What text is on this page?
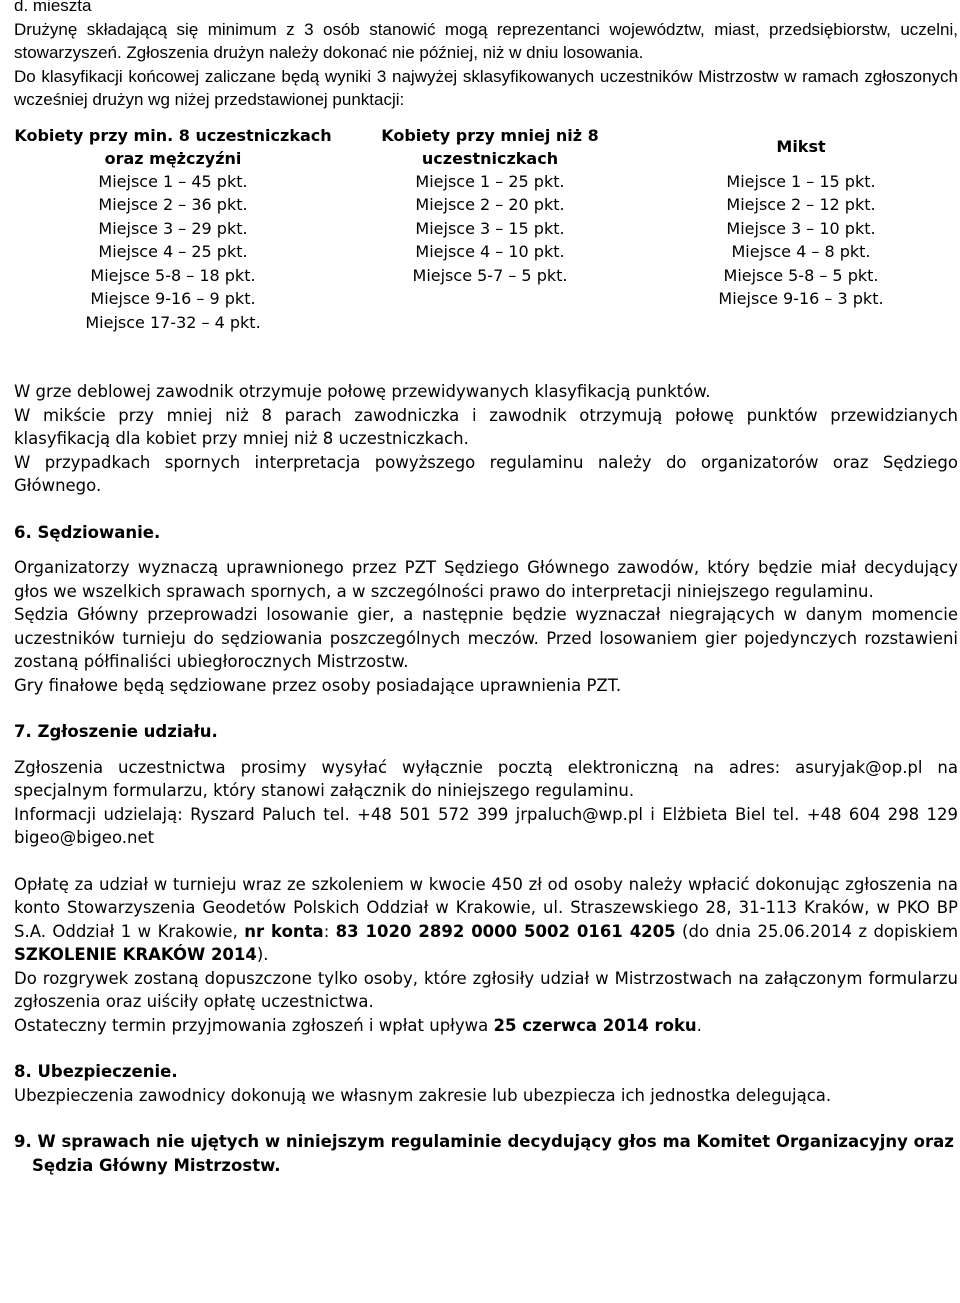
d. mieszta

Drużynę składającą się minimum z 3 osób stanowić mogą reprezentanci województw, miast, przedsiębiorstw, uczelni, stowarzyszeń. Zgłoszenia drużyn należy dokonać nie później, niż w dniu losowania.

Do klasyfikacji końcowej zaliczane będą wyniki 3 najwyżej sklasyfikowanych uczestników Mistrzostw w ramach zgłoszonych wcześniej drużyn wg niżej przedstawionej punktacji:

Kobiety przy min. 8 uczestniczkach oraz mężczyźni	Kobiety przy mniej niż 8 uczestniczkach	Mikst
Miejsce 1 – 45 pkt.	Miejsce 1 – 25 pkt.	Miejsce 1 – 15 pkt.
Miejsce 2 – 36 pkt.	Miejsce 2 – 20 pkt.	Miejsce 2 – 12 pkt.
Miejsce 3 – 29 pkt.	Miejsce 3 – 15 pkt.	Miejsce 3 – 10 pkt.
Miejsce 4 – 25 pkt.	Miejsce 4 – 10 pkt.	Miejsce 4 – 8 pkt.
Miejsce 5-8 – 18 pkt.	Miejsce 5-7 – 5 pkt.	Miejsce 5-8 – 5 pkt.
Miejsce 9-16 – 9 pkt.		Miejsce 9-16 – 3 pkt.
Miejsce 17-32 – 4 pkt.		

W grze deblowej zawodnik otrzymuje połowę przewidywanych klasyfikacją punktów.

W mikście przy mniej niż 8 parach zawodniczka i zawodnik otrzymują połowę punktów przewidzianych klasyfikacją dla kobiet przy mniej niż 8 uczestniczkach.

W przypadkach spornych interpretacja powyższego regulaminu należy do organizatorów oraz Sędziego Głównego.

6. Sędziowanie.

Organizatorzy wyznaczą uprawnionego przez PZT Sędziego Głównego zawodów, który będzie miał decydujący głos we wszelkich sprawach spornych, a w szczególności prawo do interpretacji niniejszego regulaminu.

Sędzia Główny przeprowadzi losowanie gier, a następnie będzie wyznaczał niegrających w danym momencie uczestników turnieju do sędziowania poszczególnych meczów. Przed losowaniem gier pojedynczych rozstawieni zostaną półfinaliści ubiegłorocznych Mistrzostw.

Gry finałowe będą sędziowane przez osoby posiadające uprawnienia PZT.

7. Zgłoszenie udziału.

Zgłoszenia uczestnictwa prosimy wysyłać wyłącznie pocztą elektroniczną na adres: asuryjak@op.pl na specjalnym formularzu, który stanowi załącznik do niniejszego regulaminu.

Informacji udzielają: Ryszard Paluch tel. +48 501 572 399 jrpaluch@wp.pl i Elżbieta Biel tel. +48 604 298 129 bigeo@bigeo.net

Opłatę za udział w turnieju wraz ze szkoleniem w kwocie 450 zł od osoby należy wpłacić dokonując zgłoszenia na konto Stowarzyszenia Geodetów Polskich Oddział w Krakowie, ul. Straszewskiego 28, 31-113 Kraków, w PKO BP S.A. Oddział 1 w Krakowie, nr konta: 83 1020 2892 0000 5002 0161 4205 (do dnia 25.06.2014 z dopiskiem SZKOLENIE KRAKÓW 2014).

Do rozgrywek zostaną dopuszczone tylko osoby, które zgłosiły udział w Mistrzostwach na załączonym formularzu zgłoszenia oraz uiściły opłatę uczestnictwa.

Ostateczny termin przyjmowania zgłoszeń i wpłat upływa 25 czerwca 2014 roku.

8. Ubezpieczenie.

Ubezpieczenia zawodnicy dokonują we własnym zakresie lub ubezpiecza ich jednostka delegująca.

9. W sprawach nie ujętych w niniejszym regulaminie decydujący głos ma Komitet Organizacyjny oraz Sędzia Główny Mistrzostw.
